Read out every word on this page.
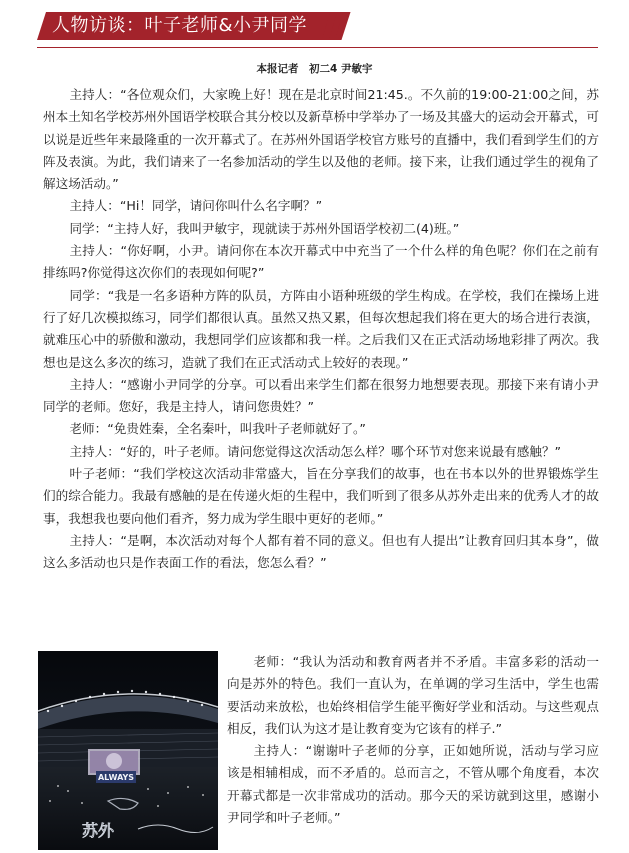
人物访谈：叶子老师&小尹同学
本报记者　初二4 尹敏宇

主持人：“各位观众们，大家晚上好！现在是北京时间21:45.。不久前的19:00-21:00之间，苏州本土知名学校苏州外国语学校联合其分校以及新草桥中学举办了一场及其盛大的运动会开幕式，可以说是近些年来最隆重的一次开幕式了。在苏州外国语学校官方账号的直播中，我们看到学生们的方阵及表演。为此，我们请来了一名参加活动的学生以及他的老师。接下来，让我们通过学生的视角了解这场活动。”

主持人：“Hi！同学，请问你叫什么名字啊？”

同学：“主持人好，我叫尹敏宇，现就读于苏州外国语学校初二(4)班。”

主持人：“你好啊，小尹。请问你在本次开幕式中中充当了一个什么样的角色呢？你们在之前有排练吗?你觉得这次你们的表现如何呢?”

同学：“我是一名多语种方阵的队员，方阵由小语种班级的学生构成。在学校，我们在操场上进行了好几次模拟练习，同学们都很认真。虽然又热又累，但每次想起我们将在更大的场合进行表演，就难压心中的骄傲和激动，我想同学们应该都和我一样。之后我们又在正式活动场地彩排了两次。我想也是这么多次的练习，造就了我们在正式活动式上较好的表现。”

主持人：“感谢小尹同学的分享。可以看出来学生们都在很努力地想要表现。那接下来有请小尹同学的老师。您好，我是主持人，请问您贵姓？”

老师：“免贵姓秦，全名秦叶，叫我叶子老师就好了。”

主持人：“好的，叶子老师。请问您觉得这次活动怎么样？哪个环节对您来说最有感触？”

叶子老师：“我们学校这次活动非常盛大，旨在分享我们的故事，也在书本以外的世界锻炼学生们的综合能力。我最有感触的是在传递火炬的生程中，我们听到了很多从苏外走出来的优秀人才的故事，我想我也要向他们看齐，努力成为学生眼中更好的老师。”

主持人：“是啊，本次活动对每个人都有着不同的意义。但也有人提出”让教育回归其本身”，做这么多活动也只是作表面工作的看法，您怎么看？”

ALWAYS
苏外

老师：“我认为活动和教育两者并不矛盾。丰富多彩的活动一向是苏外的特色。我们一直认为，在单调的学习生活中，学生也需要活动来放松，也始终相信学生能平衡好学业和活动。与这些观点相反，我们认为这才是让教育变为它该有的样子.”

主持人：“谢谢叶子老师的分享，正如她所说，活动与学习应该是相辅相成，而不矛盾的。总而言之，不管从哪个角度看，本次开幕式都是一次非常成功的活动。那今天的采访就到这里，感谢小尹同学和叶子老师。”
